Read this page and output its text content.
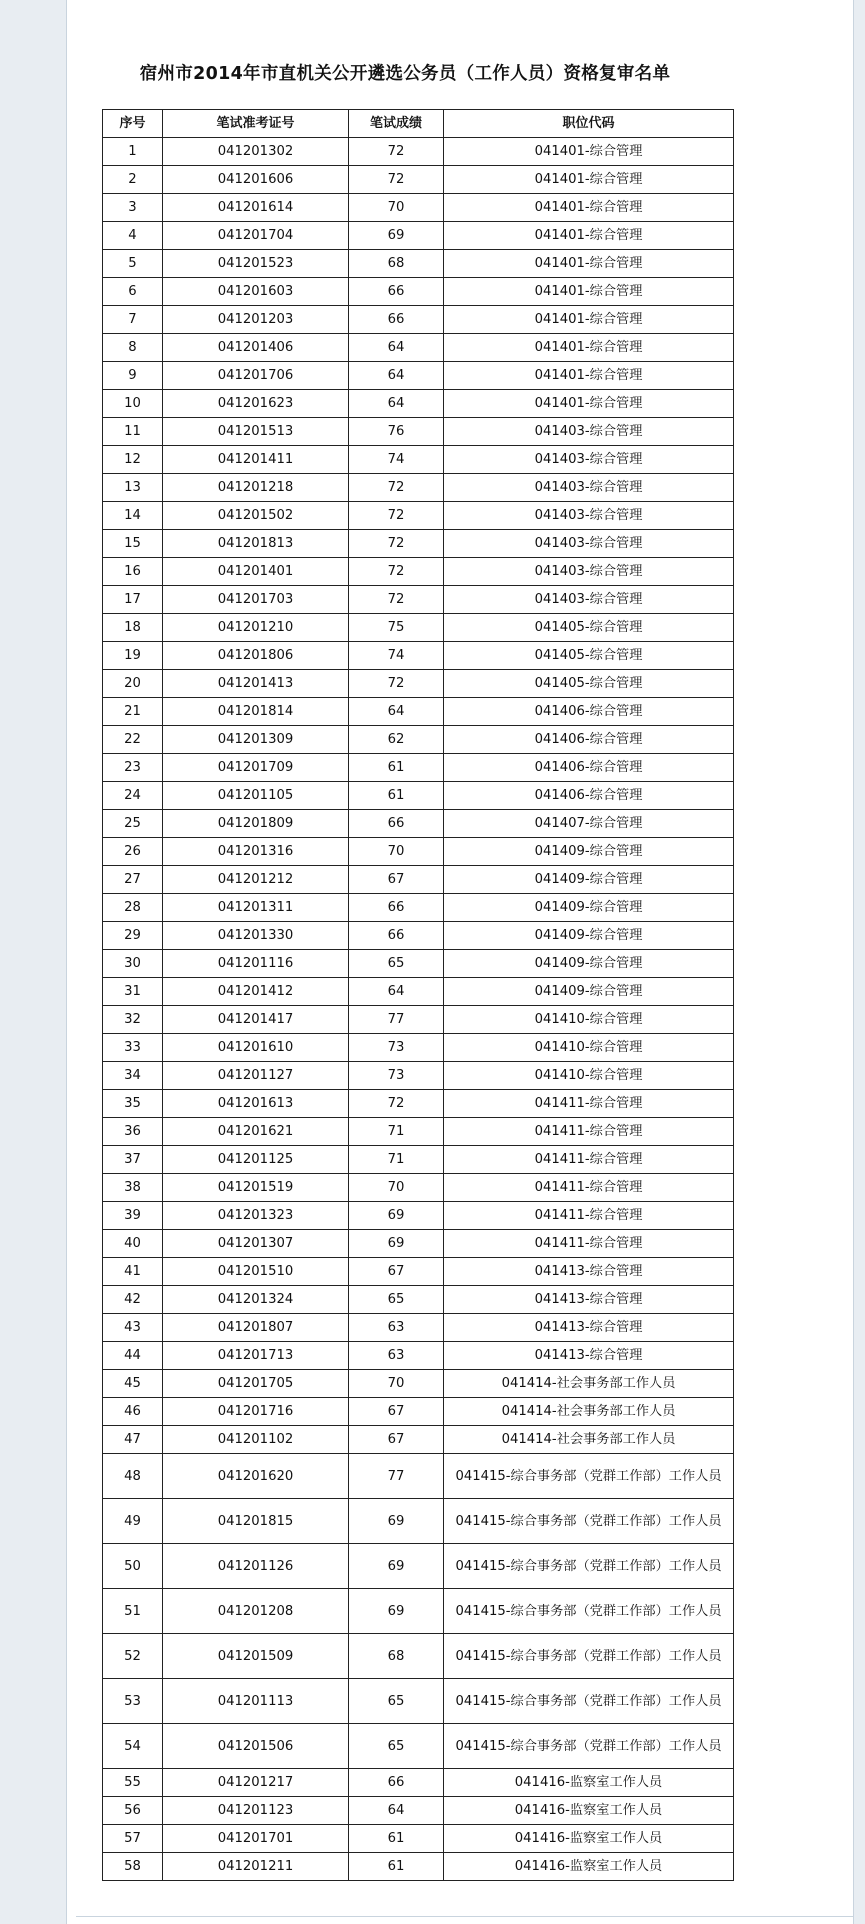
宿州市2014年市直机关公开遴选公务员（工作人员）资格复审名单
序号	笔试准考证号	笔试成绩	职位代码
1	041201302	72	041401-综合管理
2	041201606	72	041401-综合管理
3	041201614	70	041401-综合管理
4	041201704	69	041401-综合管理
5	041201523	68	041401-综合管理
6	041201603	66	041401-综合管理
7	041201203	66	041401-综合管理
8	041201406	64	041401-综合管理
9	041201706	64	041401-综合管理
10	041201623	64	041401-综合管理
11	041201513	76	041403-综合管理
12	041201411	74	041403-综合管理
13	041201218	72	041403-综合管理
14	041201502	72	041403-综合管理
15	041201813	72	041403-综合管理
16	041201401	72	041403-综合管理
17	041201703	72	041403-综合管理
18	041201210	75	041405-综合管理
19	041201806	74	041405-综合管理
20	041201413	72	041405-综合管理
21	041201814	64	041406-综合管理
22	041201309	62	041406-综合管理
23	041201709	61	041406-综合管理
24	041201105	61	041406-综合管理
25	041201809	66	041407-综合管理
26	041201316	70	041409-综合管理
27	041201212	67	041409-综合管理
28	041201311	66	041409-综合管理
29	041201330	66	041409-综合管理
30	041201116	65	041409-综合管理
31	041201412	64	041409-综合管理
32	041201417	77	041410-综合管理
33	041201610	73	041410-综合管理
34	041201127	73	041410-综合管理
35	041201613	72	041411-综合管理
36	041201621	71	041411-综合管理
37	041201125	71	041411-综合管理
38	041201519	70	041411-综合管理
39	041201323	69	041411-综合管理
40	041201307	69	041411-综合管理
41	041201510	67	041413-综合管理
42	041201324	65	041413-综合管理
43	041201807	63	041413-综合管理
44	041201713	63	041413-综合管理
45	041201705	70	041414-社会事务部工作人员
46	041201716	67	041414-社会事务部工作人员
47	041201102	67	041414-社会事务部工作人员
48	041201620	77	041415-综合事务部（党群工作部）工作人员
49	041201815	69	041415-综合事务部（党群工作部）工作人员
50	041201126	69	041415-综合事务部（党群工作部）工作人员
51	041201208	69	041415-综合事务部（党群工作部）工作人员
52	041201509	68	041415-综合事务部（党群工作部）工作人员
53	041201113	65	041415-综合事务部（党群工作部）工作人员
54	041201506	65	041415-综合事务部（党群工作部）工作人员
55	041201217	66	041416-监察室工作人员
56	041201123	64	041416-监察室工作人员
57	041201701	61	041416-监察室工作人员
58	041201211	61	041416-监察室工作人员
